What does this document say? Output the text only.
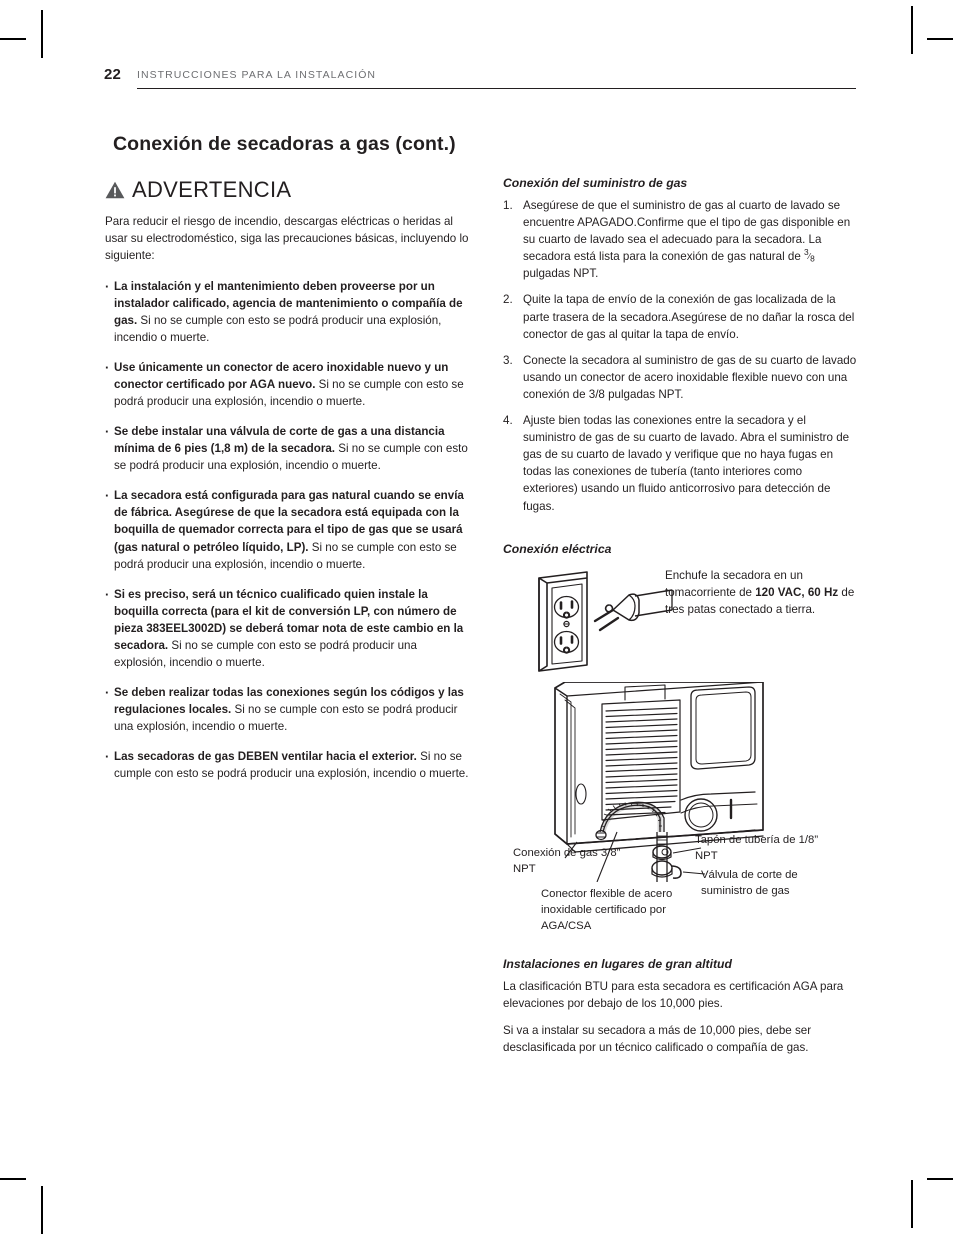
22 INSTRUCCIONES PARA LA INSTALACIÓN
Conexión de secadoras a gas (cont.)
ADVERTENCIA
Para reducir el riesgo de incendio, descargas eléctricas o heridas al usar su electrodoméstico, siga las precauciones básicas, incluyendo lo siguiente:
· La instalación y el mantenimiento deben proveerse por un instalador calificado, agencia de mantenimiento o compañía de gas. Si no se cumple con esto se podrá producir una explosión, incendio o muerte.
· Use únicamente un conector de acero inoxidable nuevo y un conector certificado por AGA nuevo. Si no se cumple con esto se podrá producir una explosión, incendio o muerte.
· Se debe instalar una válvula de corte de gas a una distancia mínima de 6 pies (1,8 m) de la secadora. Si no se cumple con esto se podrá producir una explosión, incendio o muerte.
· La secadora está configurada para gas natural cuando se envía de fábrica. Asegúrese de que la secadora está equipada con la boquilla de quemador correcta para el tipo de gas que se usará (gas natural o petróleo líquido, LP). Si no se cumple con esto se podrá producir una explosión, incendio o muerte.
· Si es preciso, será un técnico cualificado quien instale la boquilla correcta (para el kit de conversión LP, con número de pieza 383EEL3002D) se deberá tomar nota de este cambio en la secadora. Si no se cumple con esto se podrá producir una explosión, incendio o muerte.
· Se deben realizar todas las conexiones según los códigos y las regulaciones locales. Si no se cumple con esto se podrá producir una explosión, incendio o muerte.
· Las secadoras de gas DEBEN ventilar hacia el exterior. Si no se cumple con esto se podrá producir una explosión, incendio o muerte.
Conexión del suministro de gas
1. Asegúrese de que el suministro de gas al cuarto de lavado se encuentre APAGADO.Confirme que el tipo de gas disponible en su cuarto de lavado sea el adecuado para la secadora. La secadora está lista para la conexión de gas natural de 3⁄8 pulgadas NPT.
2. Quite la tapa de envío de la conexión de gas localizada de la parte trasera de la secadora.Asegúrese de no dañar la rosca del conector de gas al quitar la tapa de envío.
3. Conecte la secadora al suministro de gas de su cuarto de lavado usando un conector de acero inoxidable flexible nuevo con una conexión de 3/8 pulgadas NPT.
4. Ajuste bien todas las conexiones entre la secadora y el suministro de gas de su cuarto de lavado. Abra el suministro de gas de su cuarto de lavado y verifique que no haya fugas en todas las conexiones de tubería (tanto interiores como exteriores) usando un fluido anticorrosivo para detección de fugas.
Conexión eléctrica
Enchufe la secadora en un tomacorriente de 120 VAC, 60 Hz de tres patas conectado a tierra.
Instalaciones en lugares de gran altitud
La clasificación BTU para esta secadora es certificación AGA para elevaciones por debajo de los 10,000 pies.
Si va a instalar su secadora a más de 10,000 pies, debe ser desclasificada por un técnico calificado o compañía de gas.
Conexión de gas 3/8” NPT
Tapón de tubería de 1/8” NPT
Válvula de corte de suministro de gas
Conector flexible de acero inoxidable certificado por AGA/CSA
